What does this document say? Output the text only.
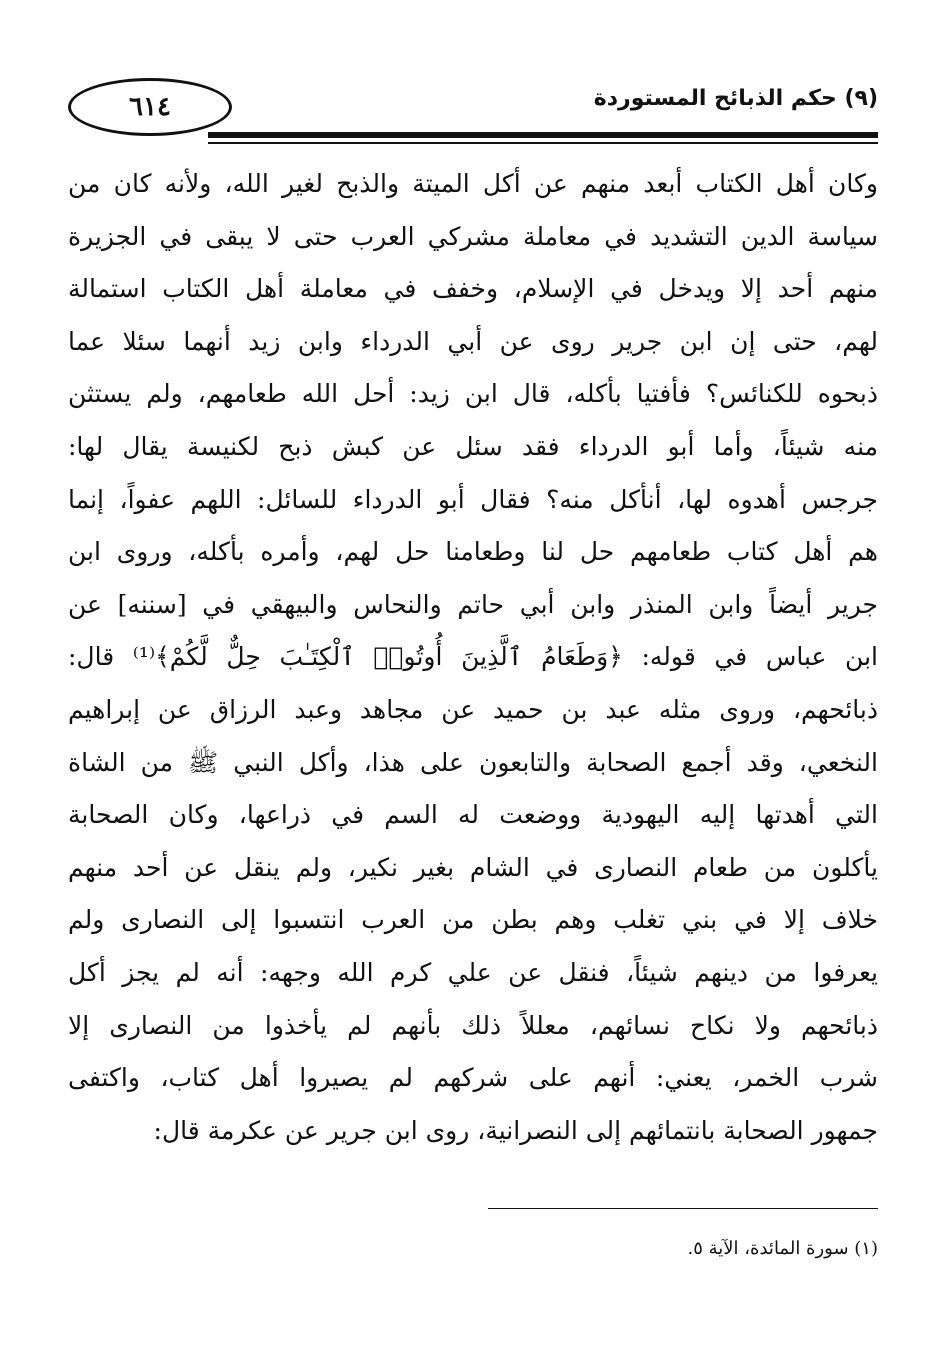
٦١٤	(٩) حكم الذبائح المستوردة
وكان أهل الكتاب أبعد منهم عن أكل الميتة والذبح لغير الله، ولأنه كان من
سياسة الدين التشديد في معاملة مشركي العرب حتى لا يبقى في الجزيرة
منهم أحد إلا ويدخل في الإسلام، وخفف في معاملة أهل الكتاب استمالة
لهم، حتى إن ابن جرير روى عن أبي الدرداء وابن زيد أنهما سئلا عما
ذبحوه للكنائس؟ فأفتيا بأكله، قال ابن زيد: أحل الله طعامهم، ولم يستثن
منه شيئاً، وأما أبو الدرداء فقد سئل عن كبش ذبح لكنيسة يقال لها:
جرجس أهدوه لها، أنأكل منه؟ فقال أبو الدرداء للسائل: اللهم عفواً، إنما
هم أهل كتاب طعامهم حل لنا وطعامنا حل لهم، وأمره بأكله، وروى ابن
جرير أيضاً وابن المنذر وابن أبي حاتم والنحاس والبيهقي في [سننه] عن
ابن عباس في قوله: ﴿وَطَعَامُ ٱلَّذِينَ أُوتُوا۟ ٱلْكِتَـٰبَ حِلٌّ لَّكُمْ﴾⁽¹⁾ قال:
ذبائحهم، وروى مثله عبد بن حميد عن مجاهد وعبد الرزاق عن إبراهيم
النخعي، وقد أجمع الصحابة والتابعون على هذا، وأكل النبي ﷺ من الشاة
التي أهدتها إليه اليهودية ووضعت له السم في ذراعها، وكان الصحابة
يأكلون من طعام النصارى في الشام بغير نكير، ولم ينقل عن أحد منهم
خلاف إلا في بني تغلب وهم بطن من العرب انتسبوا إلى النصارى ولم
يعرفوا من دينهم شيئاً، فنقل عن علي كرم الله وجهه: أنه لم يجز أكل
ذبائحهم ولا نكاح نسائهم، معللاً ذلك بأنهم لم يأخذوا من النصارى إلا
شرب الخمر، يعني: أنهم على شركهم لم يصيروا أهل كتاب، واكتفى
جمهور الصحابة بانتمائهم إلى النصرانية، روى ابن جرير عن عكرمة قال:
(١) سورة المائدة، الآية ٥.
